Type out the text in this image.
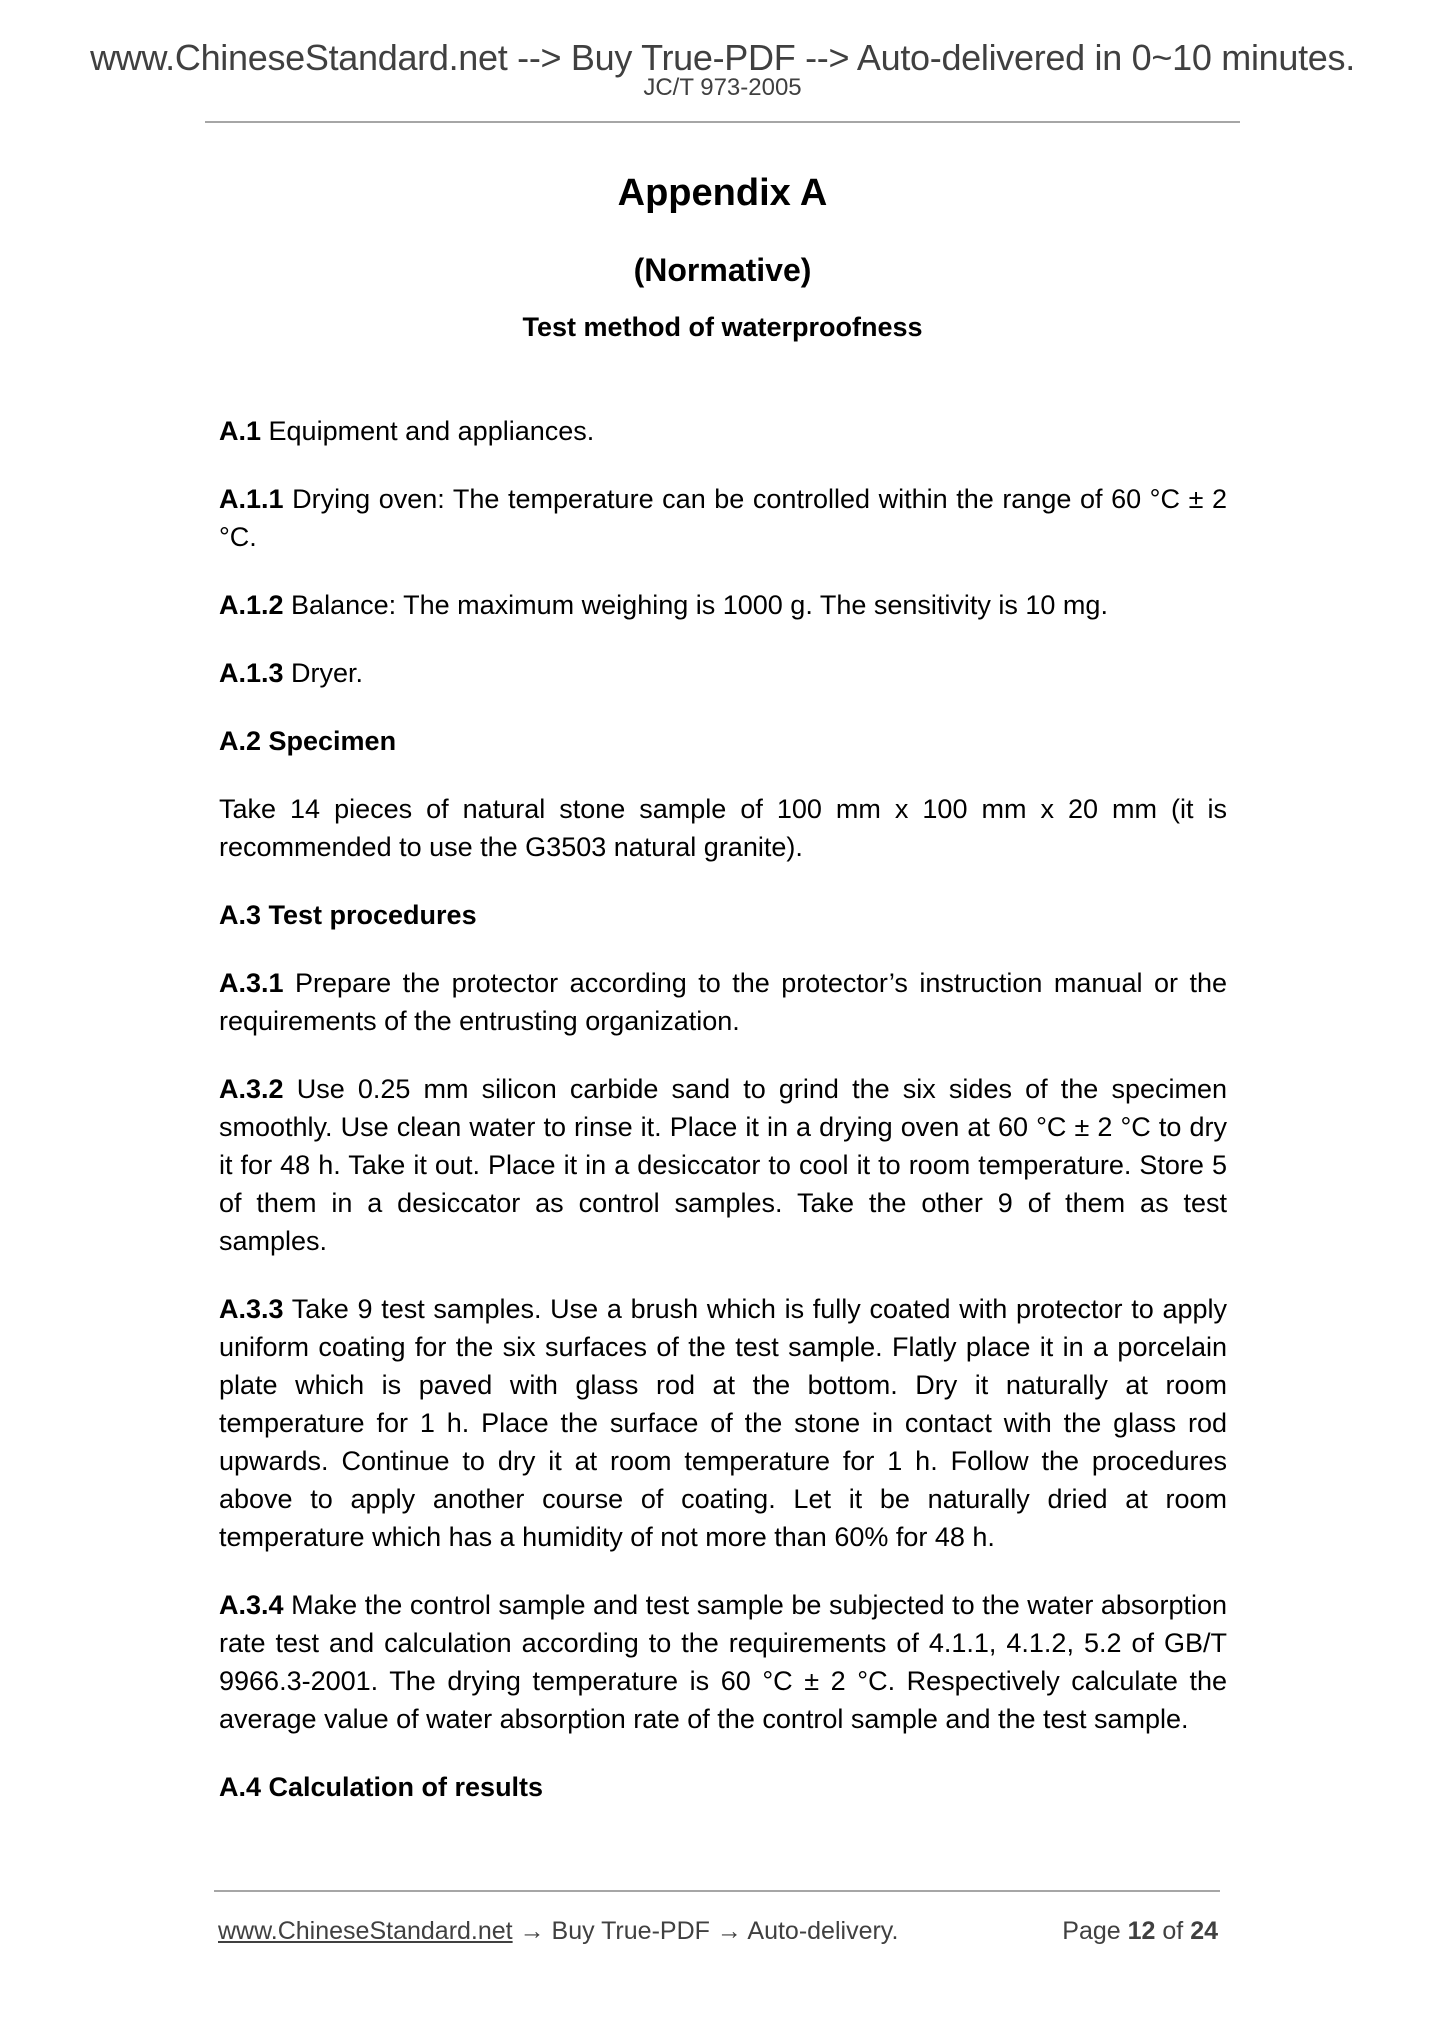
www.ChineseStandard.net --> Buy True-PDF --> Auto-delivered in 0~10 minutes.
JC/T 973-2005
Appendix A
(Normative)
Test method of waterproofness

A.1 Equipment and appliances.

A.1.1 Drying oven: The temperature can be controlled within the range of 60 °C ± 2 °C.

A.1.2 Balance: The maximum weighing is 1000 g. The sensitivity is 10 mg.

A.1.3 Dryer.

A.2 Specimen

Take 14 pieces of natural stone sample of 100 mm x 100 mm x 20 mm (it is recommended to use the G3503 natural granite).

A.3 Test procedures

A.3.1 Prepare the protector according to the protector’s instruction manual or the requirements of the entrusting organization.

A.3.2 Use 0.25 mm silicon carbide sand to grind the six sides of the specimen smoothly. Use clean water to rinse it. Place it in a drying oven at 60 °C ± 2 °C to dry it for 48 h. Take it out. Place it in a desiccator to cool it to room temperature. Store 5 of them in a desiccator as control samples. Take the other 9 of them as test samples.

A.3.3 Take 9 test samples. Use a brush which is fully coated with protector to apply uniform coating for the six surfaces of the test sample. Flatly place it in a porcelain plate which is paved with glass rod at the bottom. Dry it naturally at room temperature for 1 h. Place the surface of the stone in contact with the glass rod upwards. Continue to dry it at room temperature for 1 h. Follow the procedures above to apply another course of coating. Let it be naturally dried at room temperature which has a humidity of not more than 60% for 48 h.

A.3.4 Make the control sample and test sample be subjected to the water absorption rate test and calculation according to the requirements of 4.1.1, 4.1.2, 5.2 of GB/T 9966.3-2001. The drying temperature is 60 °C ± 2 °C. Respectively calculate the average value of water absorption rate of the control sample and the test sample.

A.4 Calculation of results

www.ChineseStandard.net → Buy True-PDF → Auto-delivery.	Page 12 of 24
